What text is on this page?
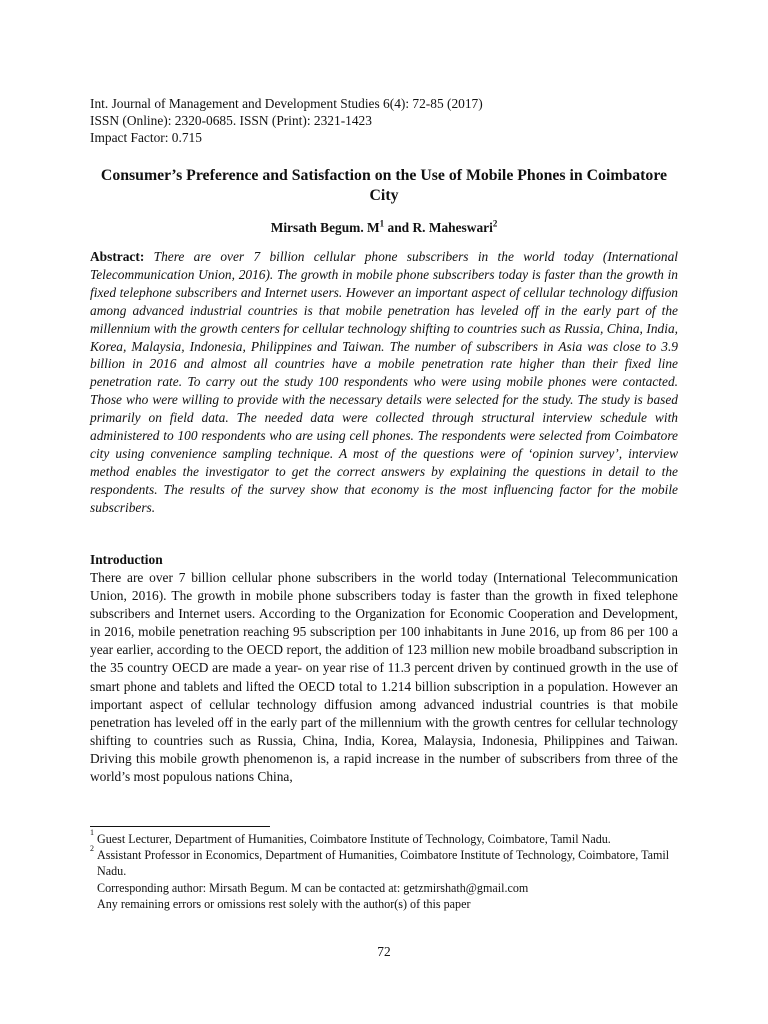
Int. Journal of Management and Development Studies 6(4): 72-85 (2017)
ISSN (Online): 2320-0685. ISSN (Print): 2321-1423
Impact Factor: 0.715
Consumer’s Preference and Satisfaction on the Use of Mobile Phones in Coimbatore City
Mirsath Begum. $M^1$ and R. Maheswari$^2$
Abstract: There are over 7 billion cellular phone subscribers in the world today (International Telecommunication Union, 2016). The growth in mobile phone subscribers today is faster than the growth in fixed telephone subscribers and Internet users. However an important aspect of cellular technology diffusion among advanced industrial countries is that mobile penetration has leveled off in the early part of the millennium with the growth centers for cellular technology shifting to countries such as Russia, China, India, Korea, Malaysia, Indonesia, Philippines and Taiwan. The number of subscribers in Asia was close to 3.9 billion in 2016 and almost all countries have a mobile penetration rate higher than their fixed line penetration rate. To carry out the study 100 respondents who were using mobile phones were contacted. Those who were willing to provide with the necessary details were selected for the study. The study is based primarily on field data. The needed data were collected through structural interview schedule with administered to 100 respondents who are using cell phones. The respondents were selected from Coimbatore city using convenience sampling technique. A most of the questions were of ‘opinion survey’, interview method enables the investigator to get the correct answers by explaining the questions in detail to the respondents. The results of the survey show that economy is the most influencing factor for the mobile subscribers.
Introduction
There are over 7 billion cellular phone subscribers in the world today (International Telecommunication Union, 2016). The growth in mobile phone subscribers today is faster than the growth in fixed telephone subscribers and Internet users. According to the Organization for Economic Cooperation and Development, in 2016, mobile penetration reaching 95 subscription per 100 inhabitants in June 2016, up from 86 per 100 a year earlier, according to the OECD report, the addition of 123 million new mobile broadband subscription in the 35 country OECD are made a year- on year rise of 11.3 percent driven by continued growth in the use of smart phone and tablets and lifted the OECD total to 1.214 billion subscription in a population. However an important aspect of cellular technology diffusion among advanced industrial countries is that mobile penetration has leveled off in the early part of the millennium with the growth centres for cellular technology shifting to countries such as Russia, China, India, Korea, Malaysia, Indonesia, Philippines and Taiwan. Driving this mobile growth phenomenon is, a rapid increase in the number of subscribers from three of the world’s most populous nations China,
1 Guest Lecturer, Department of Humanities, Coimbatore Institute of Technology, Coimbatore, Tamil Nadu.
2 Assistant Professor in Economics, Department of Humanities, Coimbatore Institute of Technology, Coimbatore, Tamil Nadu.
Corresponding author: Mirsath Begum. M can be contacted at: getzmirshath@gmail.com
Any remaining errors or omissions rest solely with the author(s) of this paper
72
